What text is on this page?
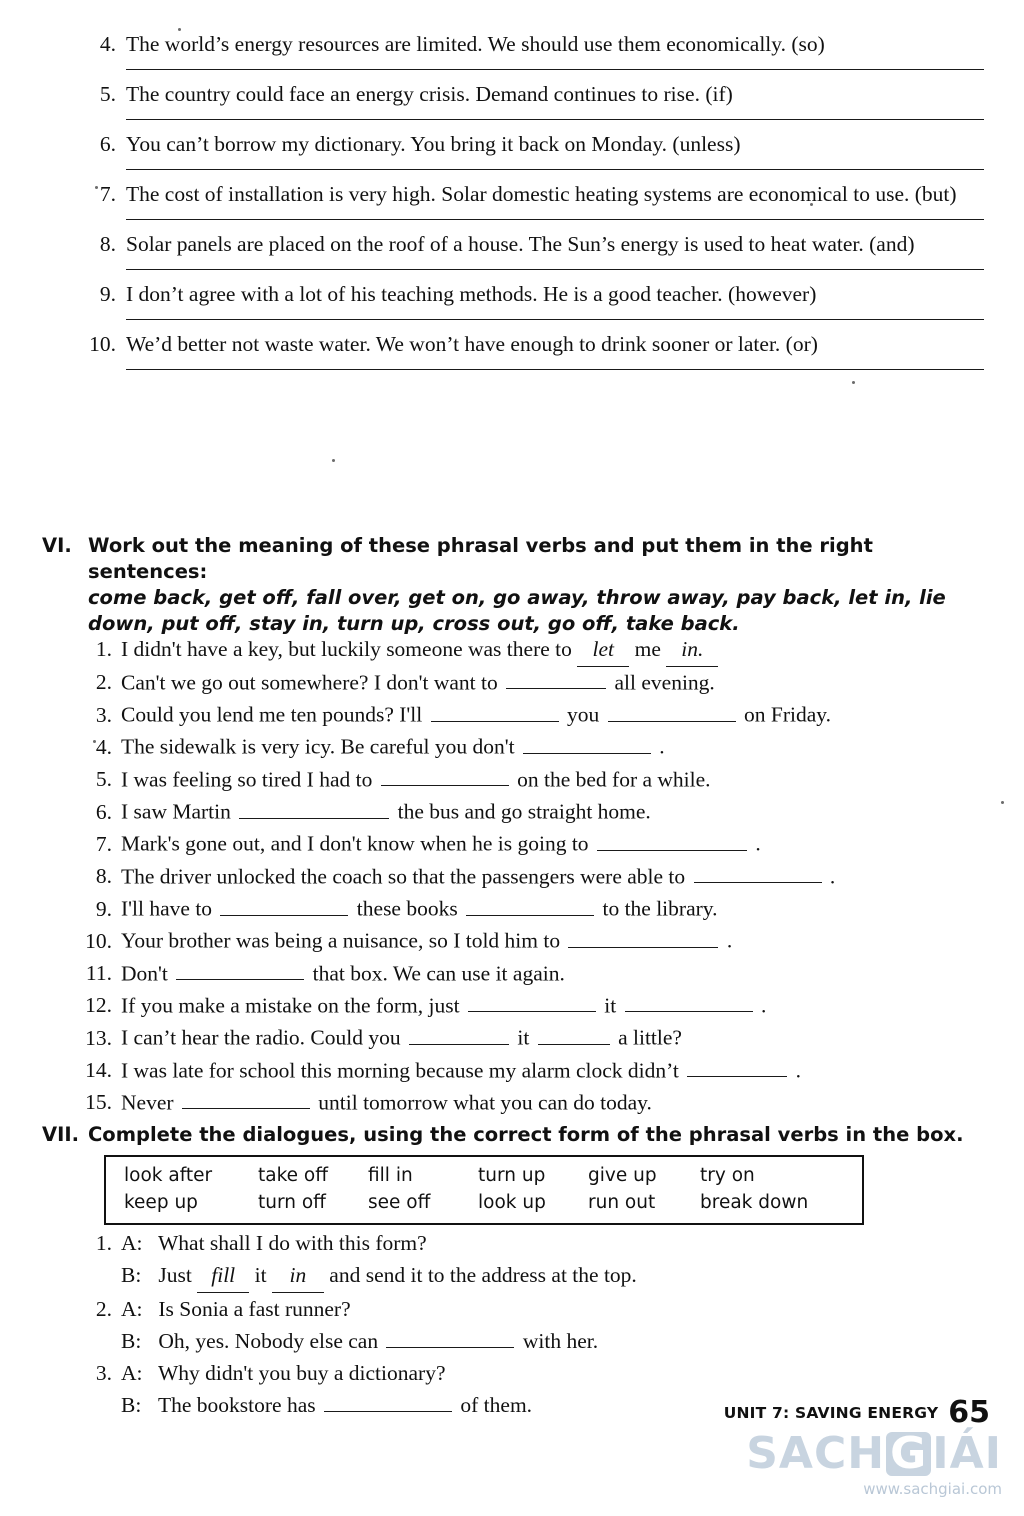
4. The world’s energy resources are limited. We should use them economically. (so)
5. The country could face an energy crisis. Demand continues to rise. (if)
6. You can’t borrow my dictionary. You bring it back on Monday. (unless)
7. The cost of installation is very high. Solar domestic heating systems are economical to use. (but)
8. Solar panels are placed on the roof of a house. The Sun’s energy is used to heat water. (and)
9. I don’t agree with a lot of his teaching methods. He is a good teacher. (however)
10. We’d better not waste water. We won’t have enough to drink sooner or later. (or)
VI. Work out the meaning of these phrasal verbs and put them in the right sentences:
come back, get off, fall over, get on, go away, throw away, pay back, let in, lie down, put off, stay in, turn up, cross out, go off, take back.
1. I didn't have a key, but luckily someone was there to let me in.
2. Can't we go out somewhere? I don't want to	all evening.
3. Could you lend me ten pounds? I'll	you	on Friday.
4. The sidewalk is very icy. Be careful you don't	.
5. I was feeling so tired I had to	on the bed for a while.
6. I saw Martin	the bus and go straight home.
7. Mark's gone out, and I don't know when he is going to	.
8. The driver unlocked the coach so that the passengers were able to	.
9. I'll have to	these books	to the library.
10. Your brother was being a nuisance, so I told him to	.
11. Don't	that box. We can use it again.
12. If you make a mistake on the form, just	it	.
13. I can’t hear the radio. Could you	it	a little?
14. I was late for school this morning because my alarm clock didn’t	.
15. Never	until tomorrow what you can do today.
VII. Complete the dialogues, using the correct form of the phrasal verbs in the box.
look after	take off	fill in	turn up	give up	try on
keep up	turn off	see off	look up	run out	break down
1. A: What shall I do with this form?
B: Just fill it in and send it to the address at the top.
2. A: Is Sonia a fast runner?
B: Oh, yes. Nobody else can	with her.
3. A: Why didn't you buy a dictionary?
B: The bookstore has	of them.	UNIT 7: SAVING ENERGY 65
SACH G IÁI
www.sachgiai.com
